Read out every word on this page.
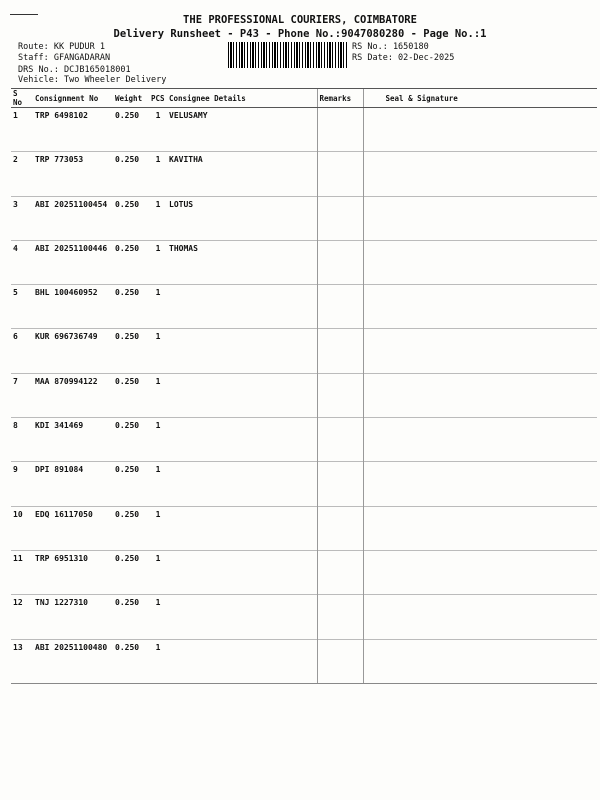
THE PROFESSIONAL COURIERS, COIMBATORE
Delivery Runsheet - P43 - Phone No.:9047080280 - Page No.:1
Route: KK PUDUR 1
Staff: GFANGADARAN
DRS No.: DCJB165018001
Vehicle: Two Wheeler Delivery
RS No.: 1650180
RS Date: 02-Dec-2025
S No	Consignment No	Weight	PCS	Consignee Details	Remarks	Seal & Signature
1	TRP 6498102	0.250	1	VELUSAMY		
2	TRP 773053	0.250	1	KAVITHA		
3	ABI 20251100454	0.250	1	LOTUS		
4	ABI 20251100446	0.250	1	THOMAS		
5	BHL 100460952	0.250	1			
6	KUR 696736749	0.250	1			
7	MAA 870994122	0.250	1			
8	KDI 341469	0.250	1			
9	DPI 891084	0.250	1			
10	EDQ 16117050	0.250	1			
11	TRP 6951310	0.250	1			
12	TNJ 1227310	0.250	1			
13	ABI 20251100480	0.250	1			
